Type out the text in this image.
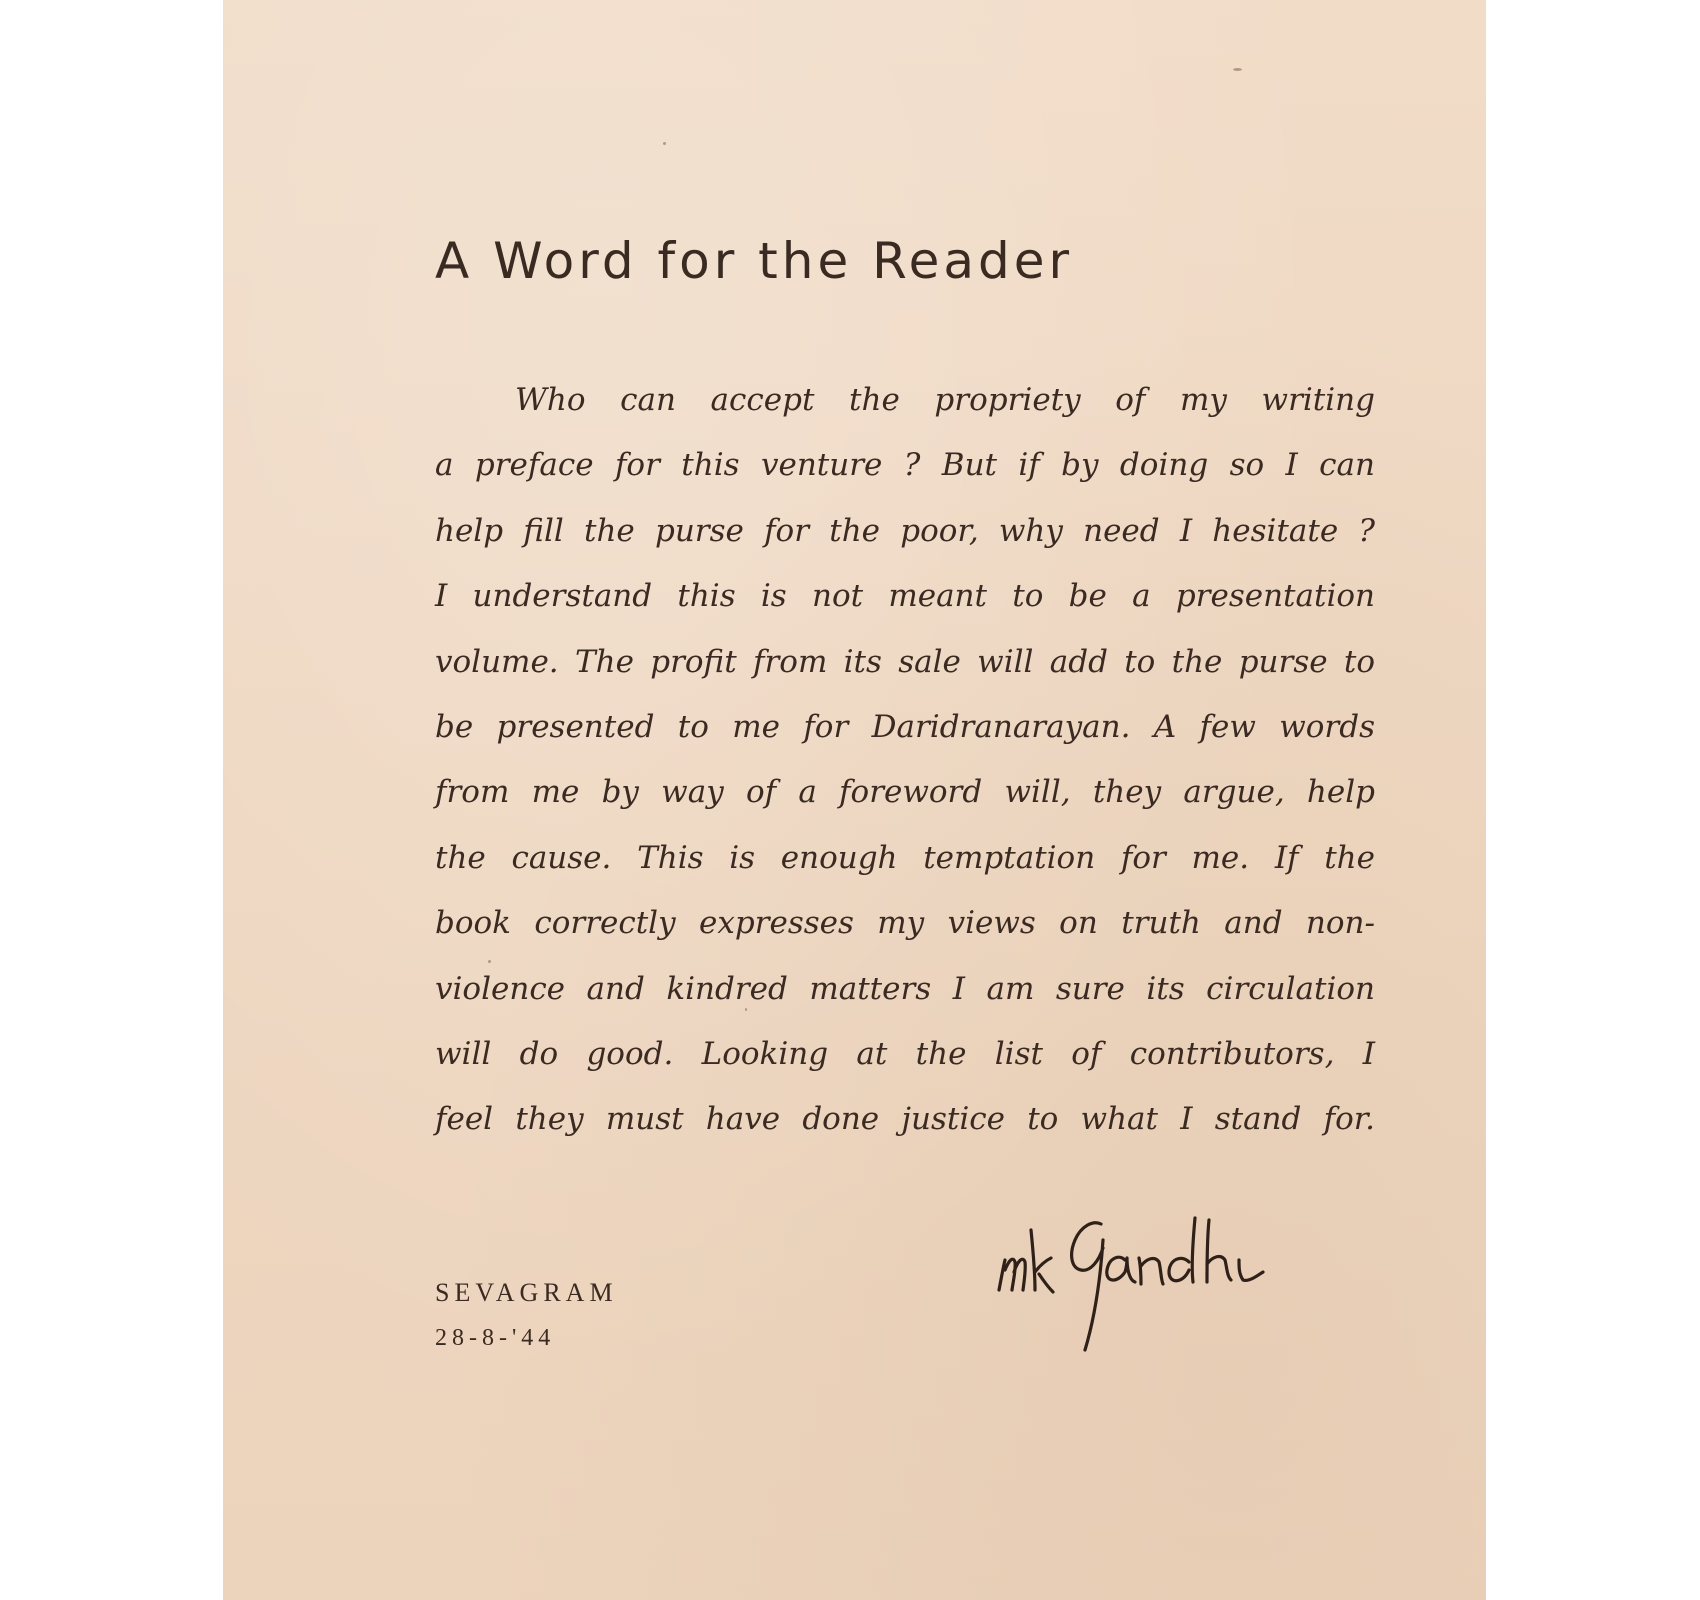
A Word for the Reader
Who can accept the propriety of my writing
a preface for this venture ? But if by doing so I can
help fill the purse for the poor, why need I hesitate ?
I understand this is not meant to be a presentation
volume. The profit from its sale will add to the purse to
be presented to me for Daridranarayan. A few words
from me by way of a foreword will, they argue, help
the cause. This is enough temptation for me. If the
book correctly expresses my views on truth and non-
violence and kindred matters I am sure its circulation
will do good. Looking at the list of contributors, I
feel they must have done justice to what I stand for.
SEVAGRAM
28-8-'44
